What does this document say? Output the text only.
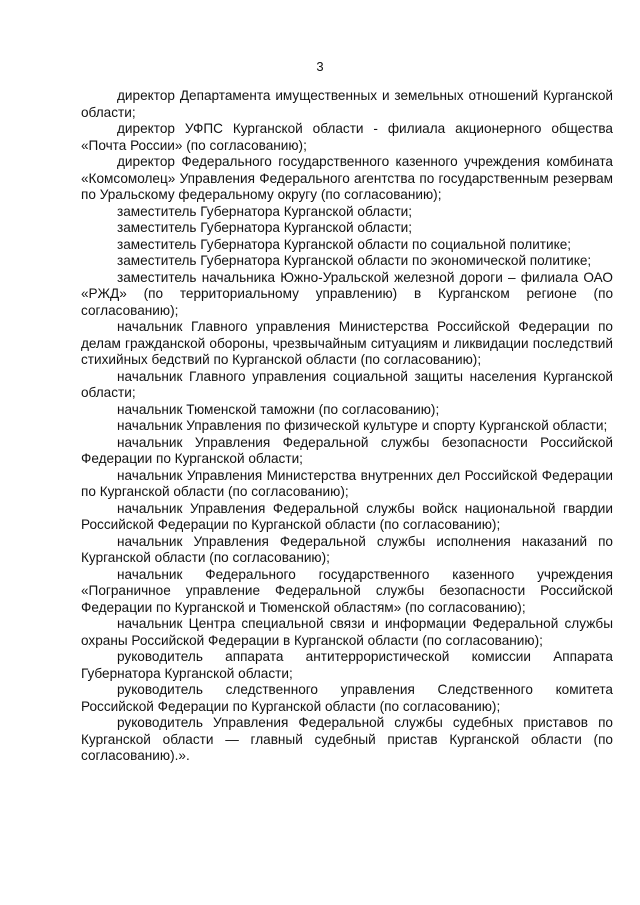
3

директор Департамента имущественных и земельных отношений Курганской области;

директор УФПС Курганской области - филиала акционерного общества «Почта России» (по согласованию);

директор Федерального государственного казенного учреждения комбината «Комсомолец» Управления Федерального агентства по государственным резервам по Уральскому федеральному округу (по согласованию);

заместитель Губернатора Курганской области;

заместитель Губернатора Курганской области;

заместитель Губернатора Курганской области по социальной политике;

заместитель Губернатора Курганской области по экономической политике;

заместитель начальника Южно-Уральской железной дороги – филиала ОАО «РЖД» (по территориальному управлению) в Курганском регионе (по согласованию);

начальник Главного управления Министерства Российской Федерации по делам гражданской обороны, чрезвычайным ситуациям и ликвидации последствий стихийных бедствий по Курганской области (по согласованию);

начальник Главного управления социальной защиты населения Курганской области;

начальник Тюменской таможни (по согласованию);

начальник Управления по физической культуре и спорту Курганской области;

начальник Управления Федеральной службы безопасности Российской Федерации по Курганской области;

начальник Управления Министерства внутренних дел Российской Федерации по Курганской области (по согласованию);

начальник Управления Федеральной службы войск национальной гвардии Российской Федерации по Курганской области (по согласованию);

начальник Управления Федеральной службы исполнения наказаний по Курганской области (по согласованию);

начальник Федерального государственного казенного учреждения «Пограничное управление Федеральной службы безопасности Российской Федерации по Курганской и Тюменской областям» (по согласованию);

начальник Центра специальной связи и информации Федеральной службы охраны Российской Федерации в Курганской области (по согласованию);

руководитель аппарата антитеррористической комиссии Аппарата Губернатора Курганской области;

руководитель следственного управления Следственного комитета Российской Федерации по Курганской области (по согласованию);

руководитель Управления Федеральной службы судебных приставов по Курганской области — главный судебный пристав Курганской области (по согласованию).».
